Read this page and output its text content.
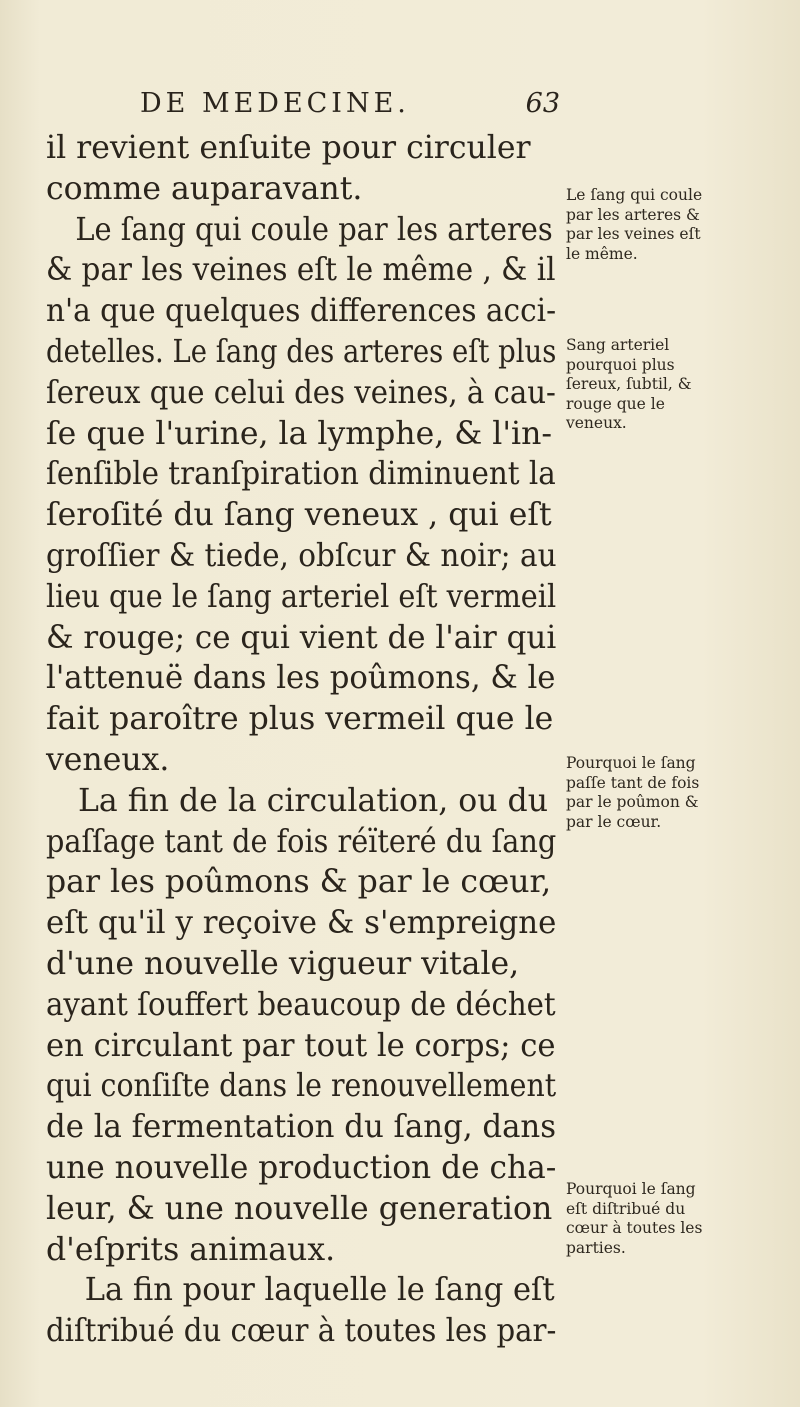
DE MEDECINE.	63
il revient enſuite pour circuler
comme auparavant.
Le ſang qui coule par les arteres
& par les veines eſt le même , & il
n'a que quelques differences acci-
detelles. Le ſang des arteres eſt plus
ſereux que celui des veines, à cau-
ſe que l'urine, la lymphe, & l'in-
ſenſible tranſpiration diminuent la
ſeroſité du ſang veneux , qui eſt
groſſier & tiede, obſcur & noir; au
lieu que le ſang arteriel eſt vermeil
& rouge; ce qui vient de l'air qui
l'attenuë dans les poûmons, & le
fait paroître plus vermeil que le
veneux.
La fin de la circulation, ou du
paſſage tant de fois réïteré du ſang
par les poûmons & par le cœur,
eſt qu'il y reçoive & s'empreigne
d'une nouvelle vigueur vitale,
ayant ſouffert beaucoup de déchet
en circulant par tout le corps; ce
qui conſiſte dans le renouvellement
de la fermentation du ſang, dans
une nouvelle production de cha-
leur, & une nouvelle generation
d'eſprits animaux.
La fin pour laquelle le ſang eſt
diſtribué du cœur à toutes les par-
Le ſang qui coule par les arteres & par les veines eſt le même.
Sang arteriel pourquoi plus ſereux, ſubtil, & rouge que le veneux.
Pourquoi le ſang paſſe tant de fois par le poûmon & par le cœur.
Pourquoi le ſang eſt diſtribué du cœur à toutes les parties.
